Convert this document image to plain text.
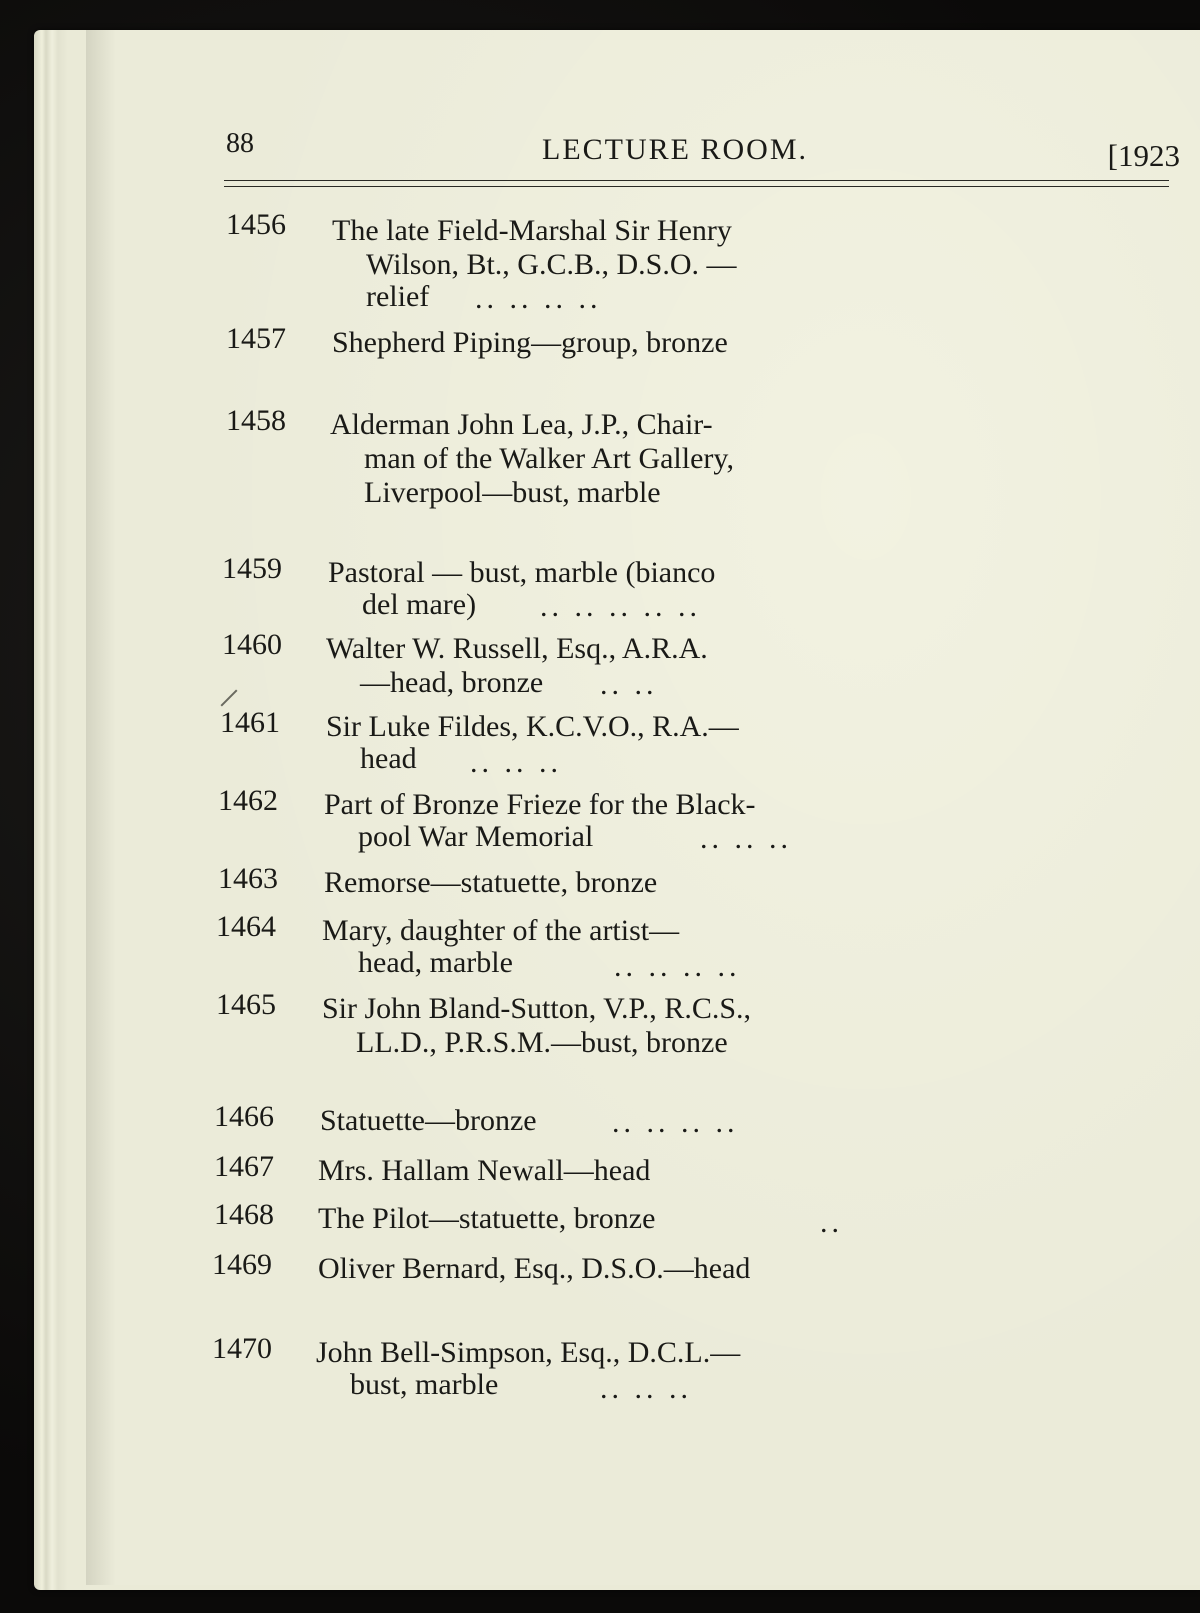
88	LECTURE ROOM.	[1923
1456 The late Field-Marshal Sir Henry
Wilson, Bt., G.C.B., D.S.O. —
relief .. .. .. ..
1457 Shepherd Piping—group, bronze
1458 Alderman John Lea, J.P., Chair-
man of the Walker Art Gallery,
Liverpool—bust, marble
1459 Pastoral — bust, marble (bianco
del mare) .. .. .. .. ..
1460 Walter W. Russell, Esq., A.R.A.
—head, bronze .. ..
1461 Sir Luke Fildes, K.C.V.O., R.A.—
head .. .. ..
1462 Part of Bronze Frieze for the Black-
pool War Memorial	.. .. ..
1463 Remorse—statuette, bronze
1464 Mary, daughter of the artist—
head, marble	.. .. .. ..
1465 Sir John Bland-Sutton, V.P., R.C.S.,
LL.D., P.R.S.M.—bust, bronze
1466 Statuette—bronze	.. .. .. ..
1467 Mrs. Hallam Newall—head
1468 The Pilot—statuette, bronze	..
1469 Oliver Bernard, Esq., D.S.O.—head
1470 John Bell-Simpson, Esq., D.C.L.—
bust, marble	.. .. ..
